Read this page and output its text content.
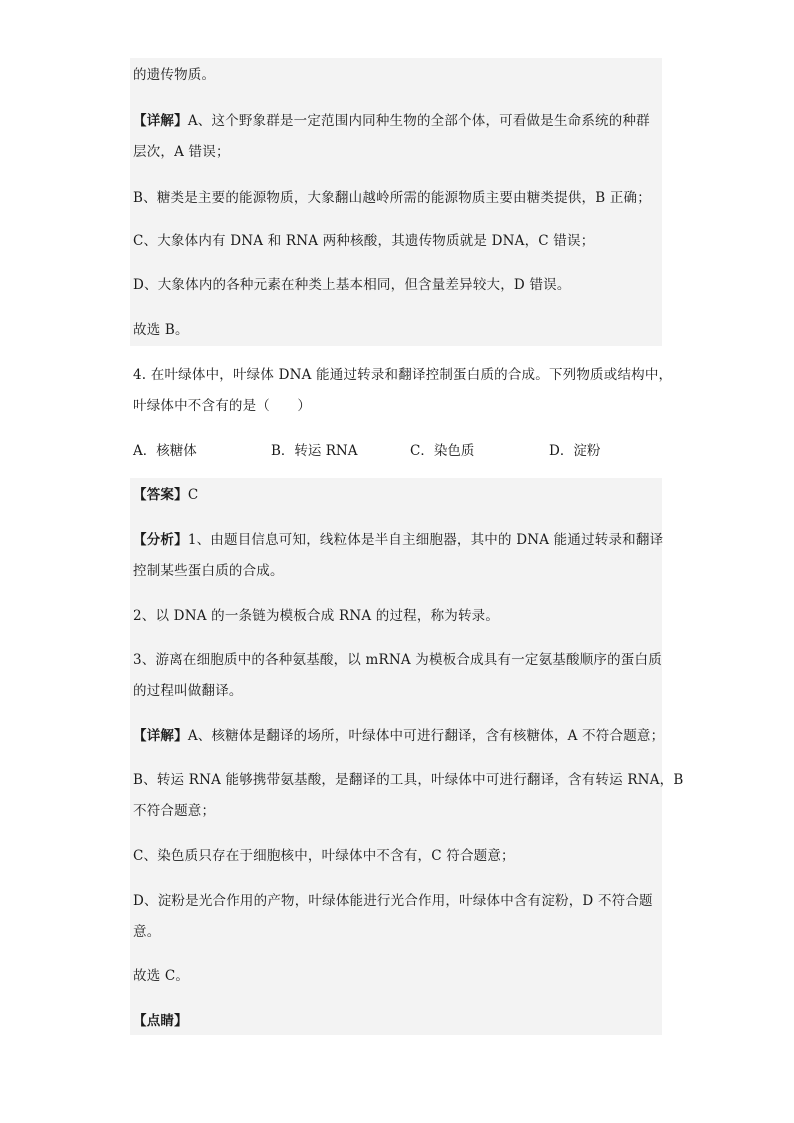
的遗传物质。
【详解】A、这个野象群是一定范围内同种生物的全部个体，可看做是生命系统的种群
层次，A 错误；
B、糖类是主要的能源物质，大象翻山越岭所需的能源物质主要由糖类提供，B 正确；
C、大象体内有 DNA 和 RNA 两种核酸，其遗传物质就是 DNA，C 错误；
D、大象体内的各种元素在种类上基本相同，但含量差异较大，D 错误。
故选 B。
4. 在叶绿体中，叶绿体 DNA 能通过转录和翻译控制蛋白质的合成。下列物质或结构中，
叶绿体中不含有的是（　　）
A．核糖体	B．转运 RNA	C．染色质	D．淀粉
【答案】C
【分析】1、由题目信息可知，线粒体是半自主细胞器，其中的 DNA 能通过转录和翻译
控制某些蛋白质的合成。
2、以 DNA 的一条链为模板合成 RNA 的过程，称为转录。
3、游离在细胞质中的各种氨基酸，以 mRNA 为模板合成具有一定氨基酸顺序的蛋白质
的过程叫做翻译。
【详解】A、核糖体是翻译的场所，叶绿体中可进行翻译，含有核糖体，A 不符合题意；
B、转运 RNA 能够携带氨基酸，是翻译的工具，叶绿体中可进行翻译，含有转运 RNA，B
不符合题意；
C、染色质只存在于细胞核中，叶绿体中不含有，C 符合题意；
D、淀粉是光合作用的产物，叶绿体能进行光合作用，叶绿体中含有淀粉，D 不符合题
意。
故选 C。
【点睛】
